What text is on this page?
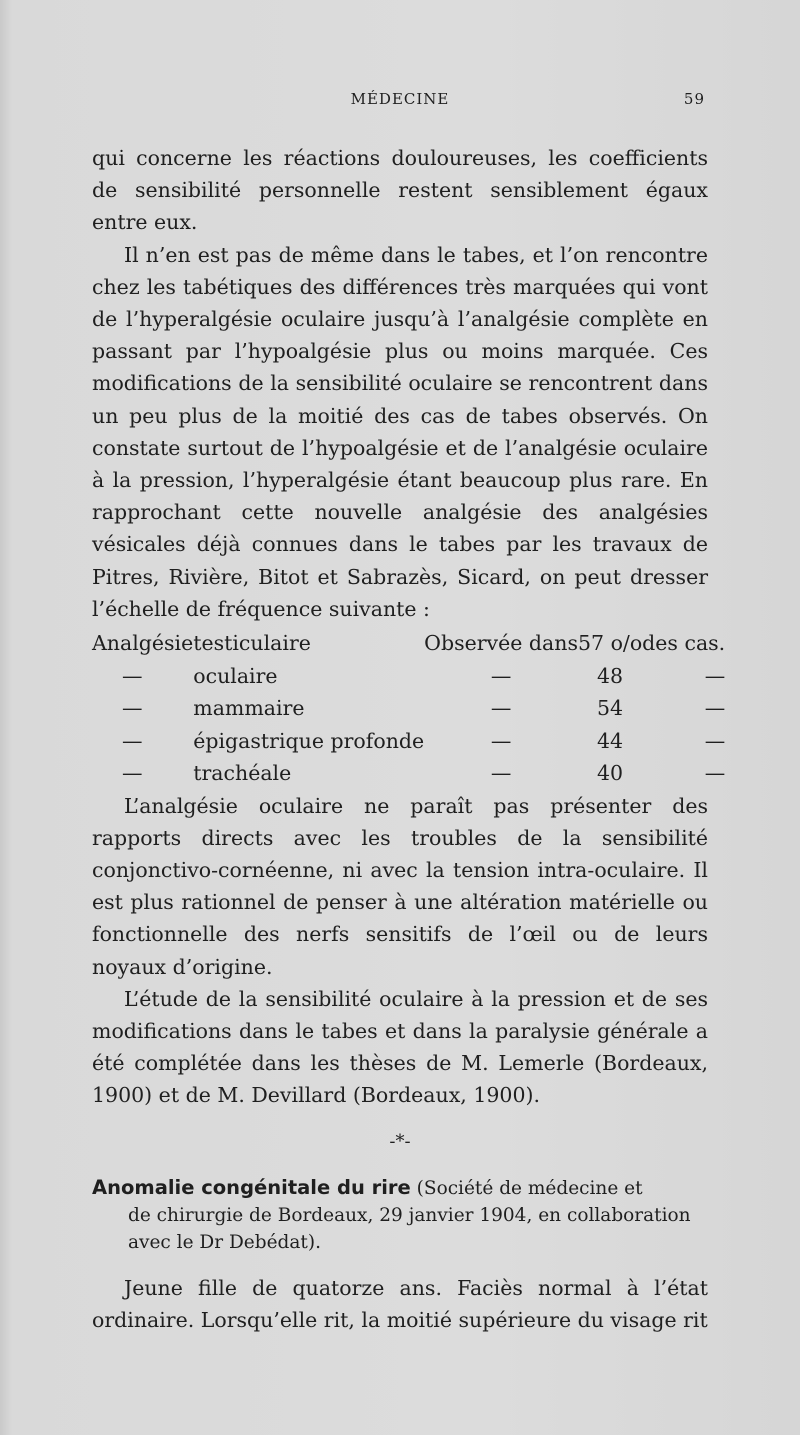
MÉDECINE	59

qui concerne les réactions douloureuses, les coefficients de sensibilité personnelle restent sensiblement égaux entre eux.

Il n’en est pas de même dans le tabes, et l’on rencontre chez les tabétiques des différences très marquées qui vont de l’hyperalgésie oculaire jusqu’à l’analgésie complète en passant par l’hypoalgésie plus ou moins marquée. Ces modifications de la sensibilité oculaire se rencontrent dans un peu plus de la moitié des cas de tabes observés. On constate surtout de l’hypoalgésie et de l’analgésie oculaire à la pression, l’hyperalgésie étant beaucoup plus rare. En rapprochant cette nouvelle analgésie des analgésies vésicales déjà connues dans le tabes par les travaux de Pitres, Rivière, Bitot et Sabrazès, Sicard, on peut dresser l’échelle de fréquence suivante :

Analgésie	testiculaire	Observée dans	57 o/o	des cas.
—	oculaire	—	48	—
—	mammaire	—	54	—
—	épigastrique profonde	—	44	—
—	trachéale	—	40	—

L’analgésie oculaire ne paraît pas présenter des rapports directs avec les troubles de la sensibilité conjonctivo-cornéenne, ni avec la tension intra-oculaire. Il est plus rationnel de penser à une altération matérielle ou fonctionnelle des nerfs sensitifs de l’œil ou de leurs noyaux d’origine.

L’étude de la sensibilité oculaire à la pression et de ses modifications dans le tabes et dans la paralysie générale a été complétée dans les thèses de M. Lemerle (Bordeaux, 1900) et de M. Devillard (Bordeaux, 1900).

-*-
Anomalie congénitale du rire (Société de médecine et
de chirurgie de Bordeaux, 29 janvier 1904, en collaboration
avec le Dr Debédat).

Jeune fille de quatorze ans. Faciès normal à l’état ordinaire. Lorsqu’elle rit, la moitié supérieure du visage rit
